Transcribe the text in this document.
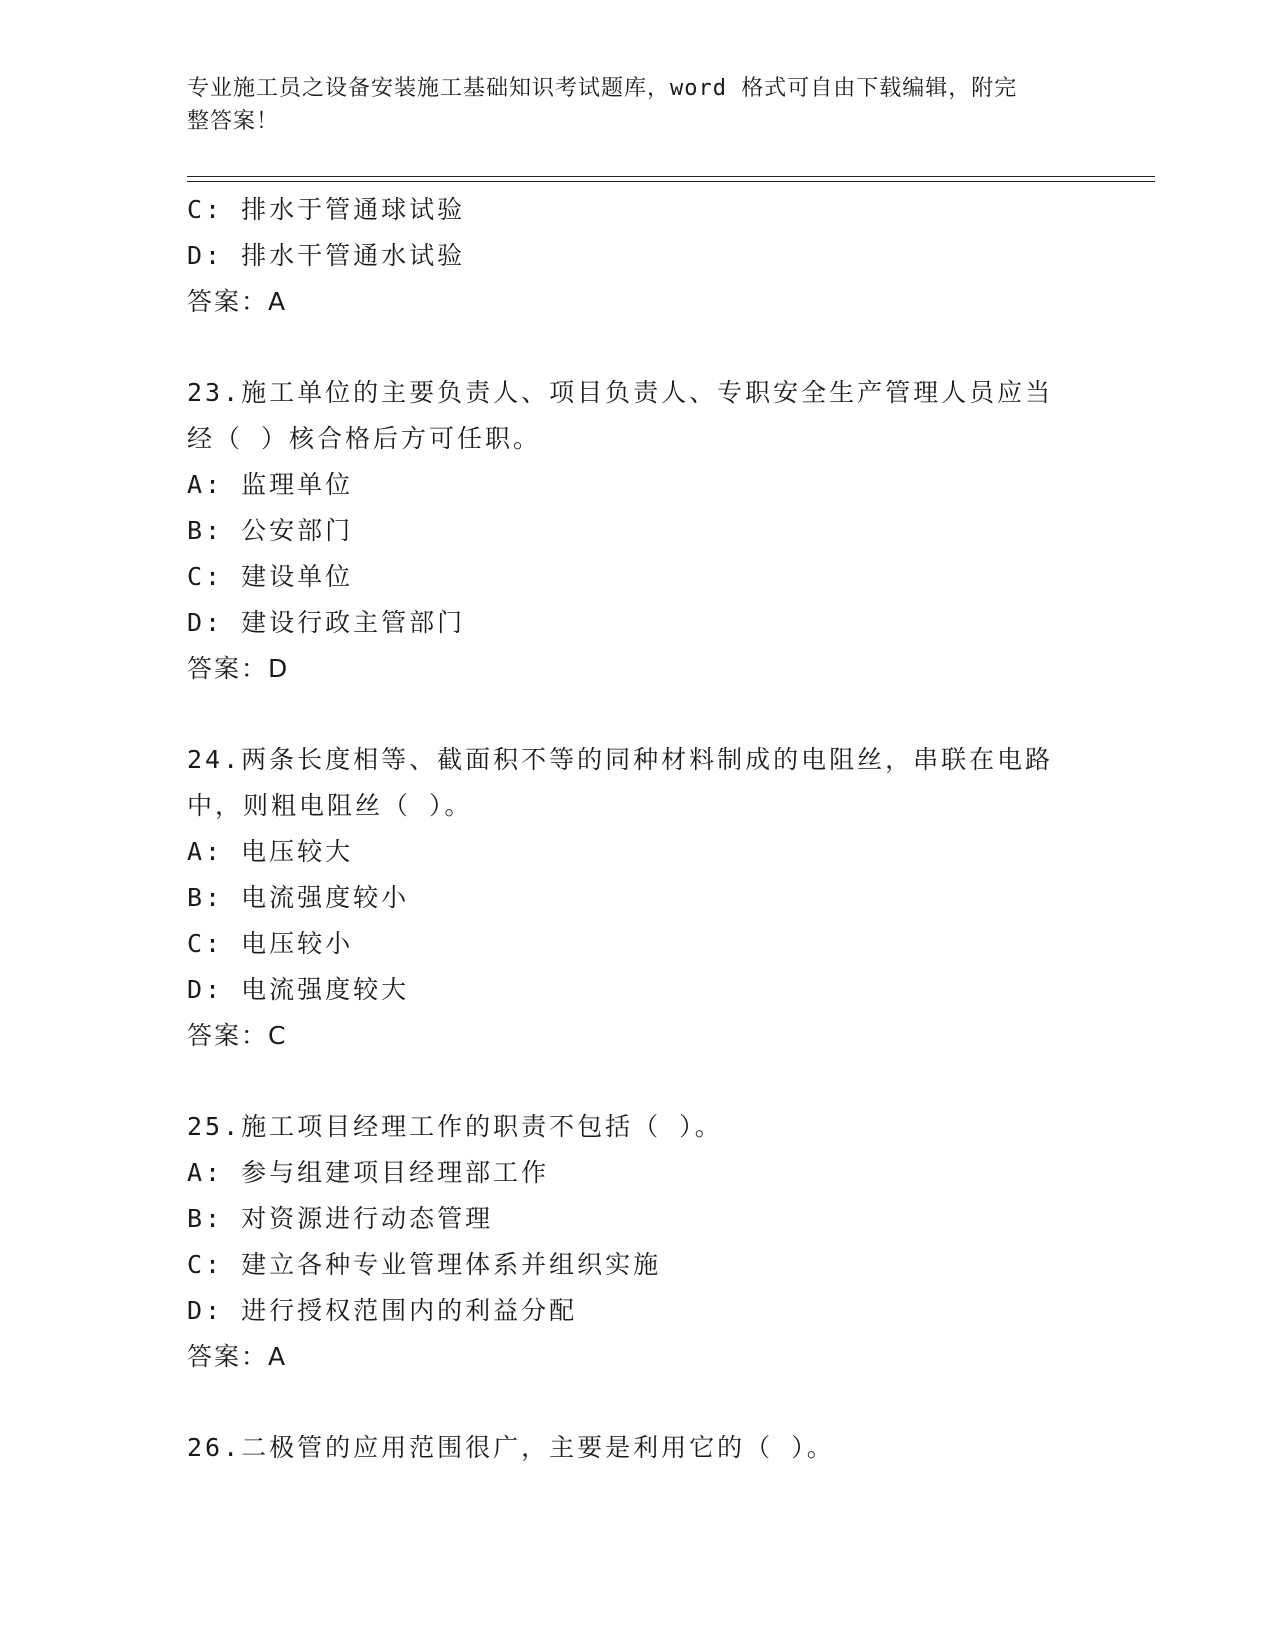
专业施工员之设备安装施工基础知识考试题库，word 格式可自由下载编辑，附完
整答案！
C: 排水于管通球试验
D: 排水干管通水试验
答案：A
23.施工单位的主要负责人、项目负责人、专职安全生产管理人员应当
经（ ）核合格后方可任职。
A: 监理单位
B: 公安部门
C: 建设单位
D: 建设行政主管部门
答案：D
24.两条长度相等、截面积不等的同种材料制成的电阻丝，串联在电路
中，则粗电阻丝（ ）。
A: 电压较大
B: 电流强度较小
C: 电压较小
D: 电流强度较大
答案：C
25.施工项目经理工作的职责不包括（ ）。
A: 参与组建项目经理部工作
B: 对资源进行动态管理
C: 建立各种专业管理体系并组织实施
D: 进行授权范围内的利益分配
答案：A
26.二极管的应用范围很广，主要是利用它的（ ）。
